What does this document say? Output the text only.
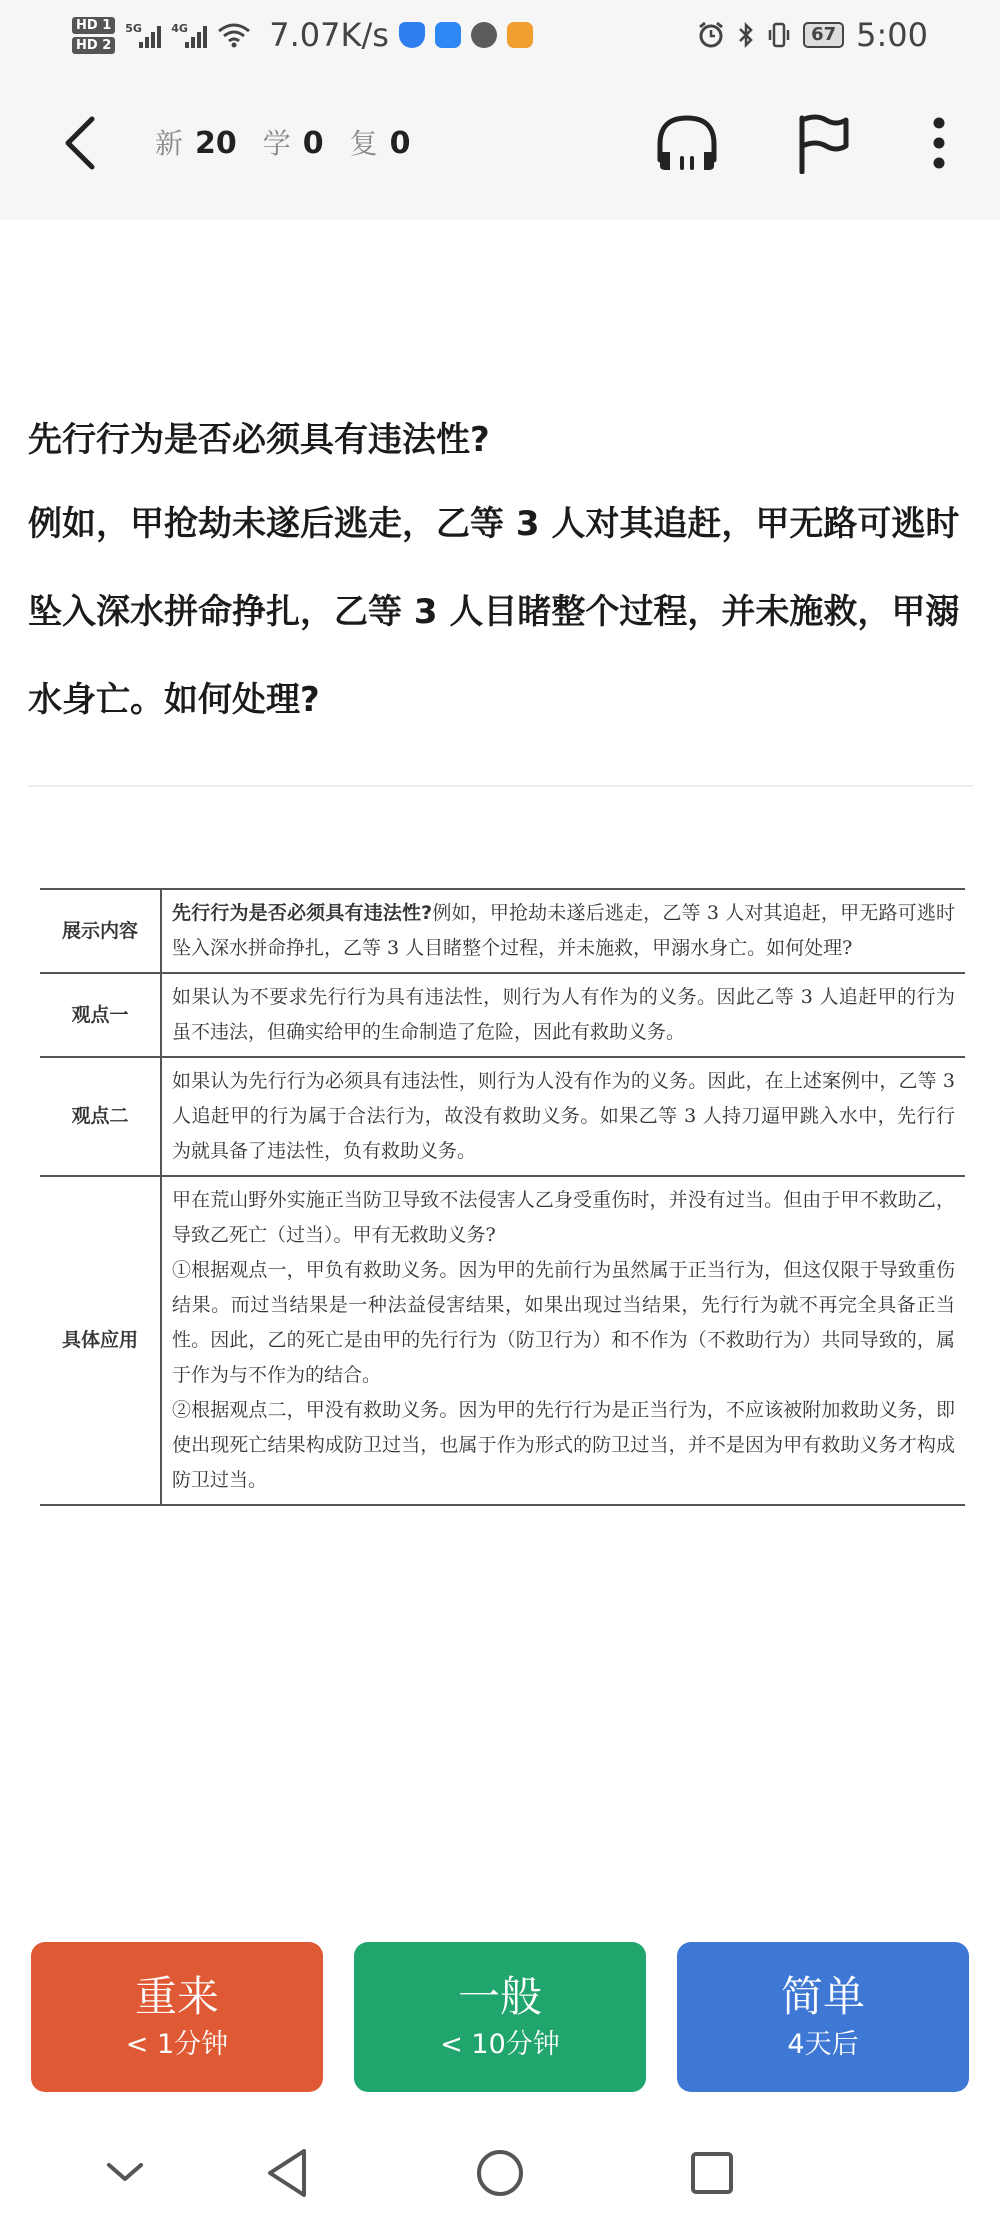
HD 1
HD 2
5G	4G	7.07K/s	67 5:00
新 20 学 0 复 0
先行行为是否必须具有违法性?
例如，甲抢劫未遂后逃走，乙等 3 人对其追赶，甲无路可逃时坠入深水拼命挣扎，乙等 3 人目睹整个过程，并未施救，甲溺水身亡。如何处理?
展示内容	先行行为是否必须具有违法性?例如，甲抢劫未遂后逃走，乙等 3 人对其追赶，甲无路可逃时坠入深水拼命挣扎，乙等 3 人目睹整个过程，并未施救，甲溺水身亡。如何处理?
观点一	如果认为不要求先行行为具有违法性，则行为人有作为的义务。因此乙等 3 人追赶甲的行为虽不违法，但确实给甲的生命制造了危险，因此有救助义务。
观点二	如果认为先行行为必须具有违法性，则行为人没有作为的义务。因此，在上述案例中，乙等 3 人追赶甲的行为属于合法行为，故没有救助义务。如果乙等 3 人持刀逼甲跳入水中，先行行为就具备了违法性，负有救助义务。
具体应用	甲在荒山野外实施正当防卫导致不法侵害人乙身受重伤时，并没有过当。但由于甲不救助乙，导致乙死亡（过当）。甲有无救助义务?
①根据观点一，甲负有救助义务。因为甲的先前行为虽然属于正当行为，但这仅限于导致重伤结果。而过当结果是一种法益侵害结果，如果出现过当结果，先行行为就不再完全具备正当性。因此，乙的死亡是由甲的先行行为（防卫行为）和不作为（不救助行为）共同导致的，属于作为与不作为的结合。
②根据观点二，甲没有救助义务。因为甲的先行行为是正当行为，不应该被附加救助义务，即使出现死亡结果构成防卫过当，也属于作为形式的防卫过当，并不是因为甲有救助义务才构成防卫过当。
重来
< 1分钟
一般
< 10分钟
简单
4天后
